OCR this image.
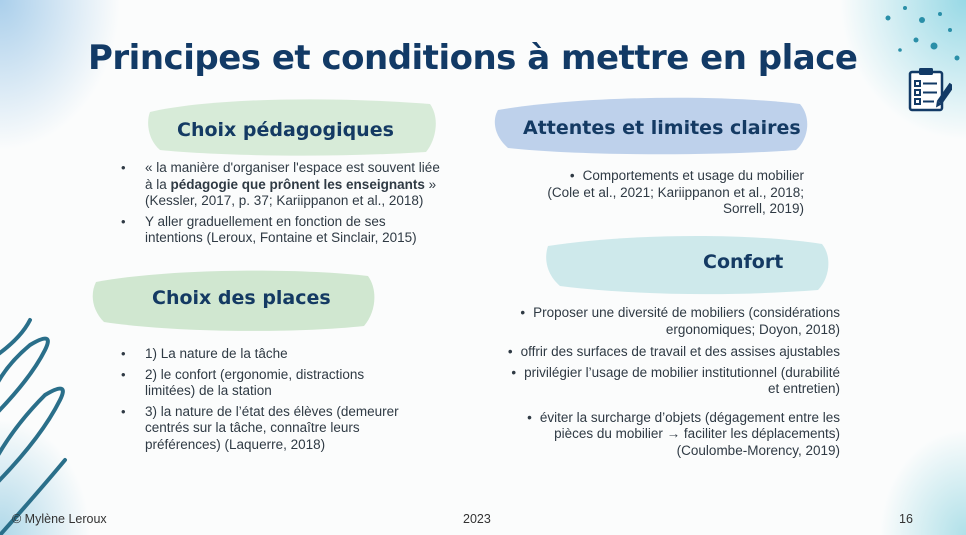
Principes et conditions à mettre en place
Choix pédagogiques
• « la manière d'organiser l'espace est souvent liée
à la pédagogie que prônent les enseignants »
(Kessler, 2017, p. 37; Kariippanon et al., 2018)
• Y aller graduellement en fonction de ses
intentions (Leroux, Fontaine et Sinclair, 2015)
Attentes et limites claires
• Comportements et usage du mobilier
(Cole et al., 2021; Kariippanon et al., 2018;
Sorrell, 2019)
Choix des places
• 1) La nature de la tâche
• 2) le confort (ergonomie, distractions
limitées) de la station
• 3) la nature de l’état des élèves (demeurer
centrés sur la tâche, connaître leurs
préférences) (Laquerre, 2018)
Confort
• Proposer une diversité de mobiliers (considérations
ergonomiques; Doyon, 2018)
• offrir des surfaces de travail et des assises ajustables
• privilégier l’usage de mobilier institutionnel (durabilité
et entretien)
• éviter la surcharge d’objets (dégagement entre les
pièces du mobilier → faciliter les déplacements)
(Coulombe-Morency, 2019)
© Mylène Leroux	2023	16
